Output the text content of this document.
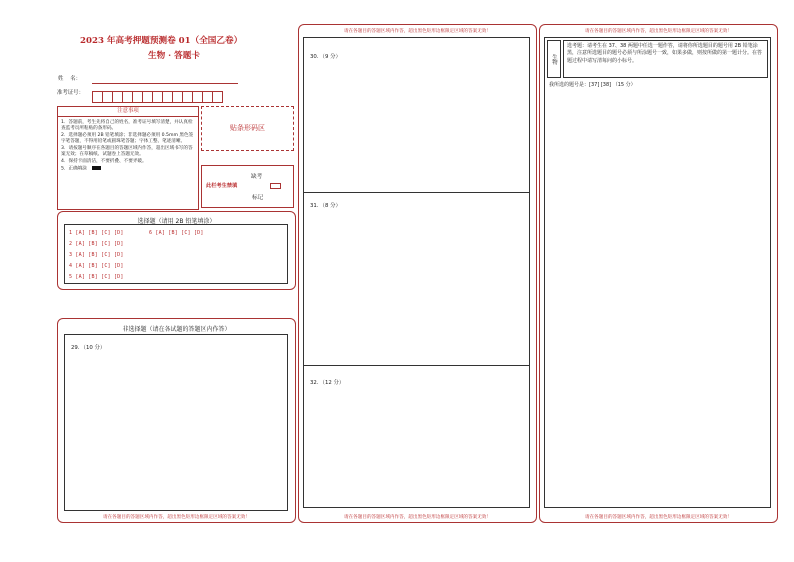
2023 年高考押题预测卷 01（全国乙卷）
生物 · 答题卡
姓    名：
准考证号：
注意事项
1．答题前，考生先将自己的姓名，准考证号填写清楚，并认真检查监考员所粘贴的条形码。
2．选择题必须用 2B 铅笔填涂；非选择题必须用 0.5mm 黑色签字笔答题，不得用铅笔或圆珠笔答题；字体工整、笔迹清晰。
3．请按题号顺序在各题目的答题区域内作答，超出区域书写的答案无效；在草稿纸、试题卷上答题无效。
4．保持卡面清洁，不要折叠、不要弄破。
5．正确填涂
贴条形码区
缺考
此栏考生禁填
标记
选择题（请用 2B 铅笔填涂）
1 [A] [B] [C] [D]
2 [A] [B] [C] [D]
3 [A] [B] [C] [D]
4 [A] [B] [C] [D]
5 [A] [B] [C] [D]
6 [A] [B] [C] [D]
非选择题（请在各试题的答题区内作答）
29．（10 分）
请在各题目的答题区域内作答，超出黑色矩形边框限定区域的答案无效！
请在各题目的答题区域内作答，超出黑色矩形边框限定区域的答案无效！
30．（9 分）
31．（8 分）
32．（12 分）
请在各题目的答题区域内作答，超出黑色矩形边框限定区域的答案无效！
请在各题目的答题区域内作答，超出黑色矩形边框限定区域的答案无效！
生物
选考题：请考生在 37、38 两题中任选一题作答，请将你所选题目的题号用 2B 铅笔涂黑，注意所选题目的题号必须与所涂题号一致，如果多做，则按所做的第一题计分。在答题过程中请写清每问的小标号。
我所选的题号是：[37] [38] （15 分）
请在各题目的答题区域内作答，超出黑色矩形边框限定区域的答案无效！
